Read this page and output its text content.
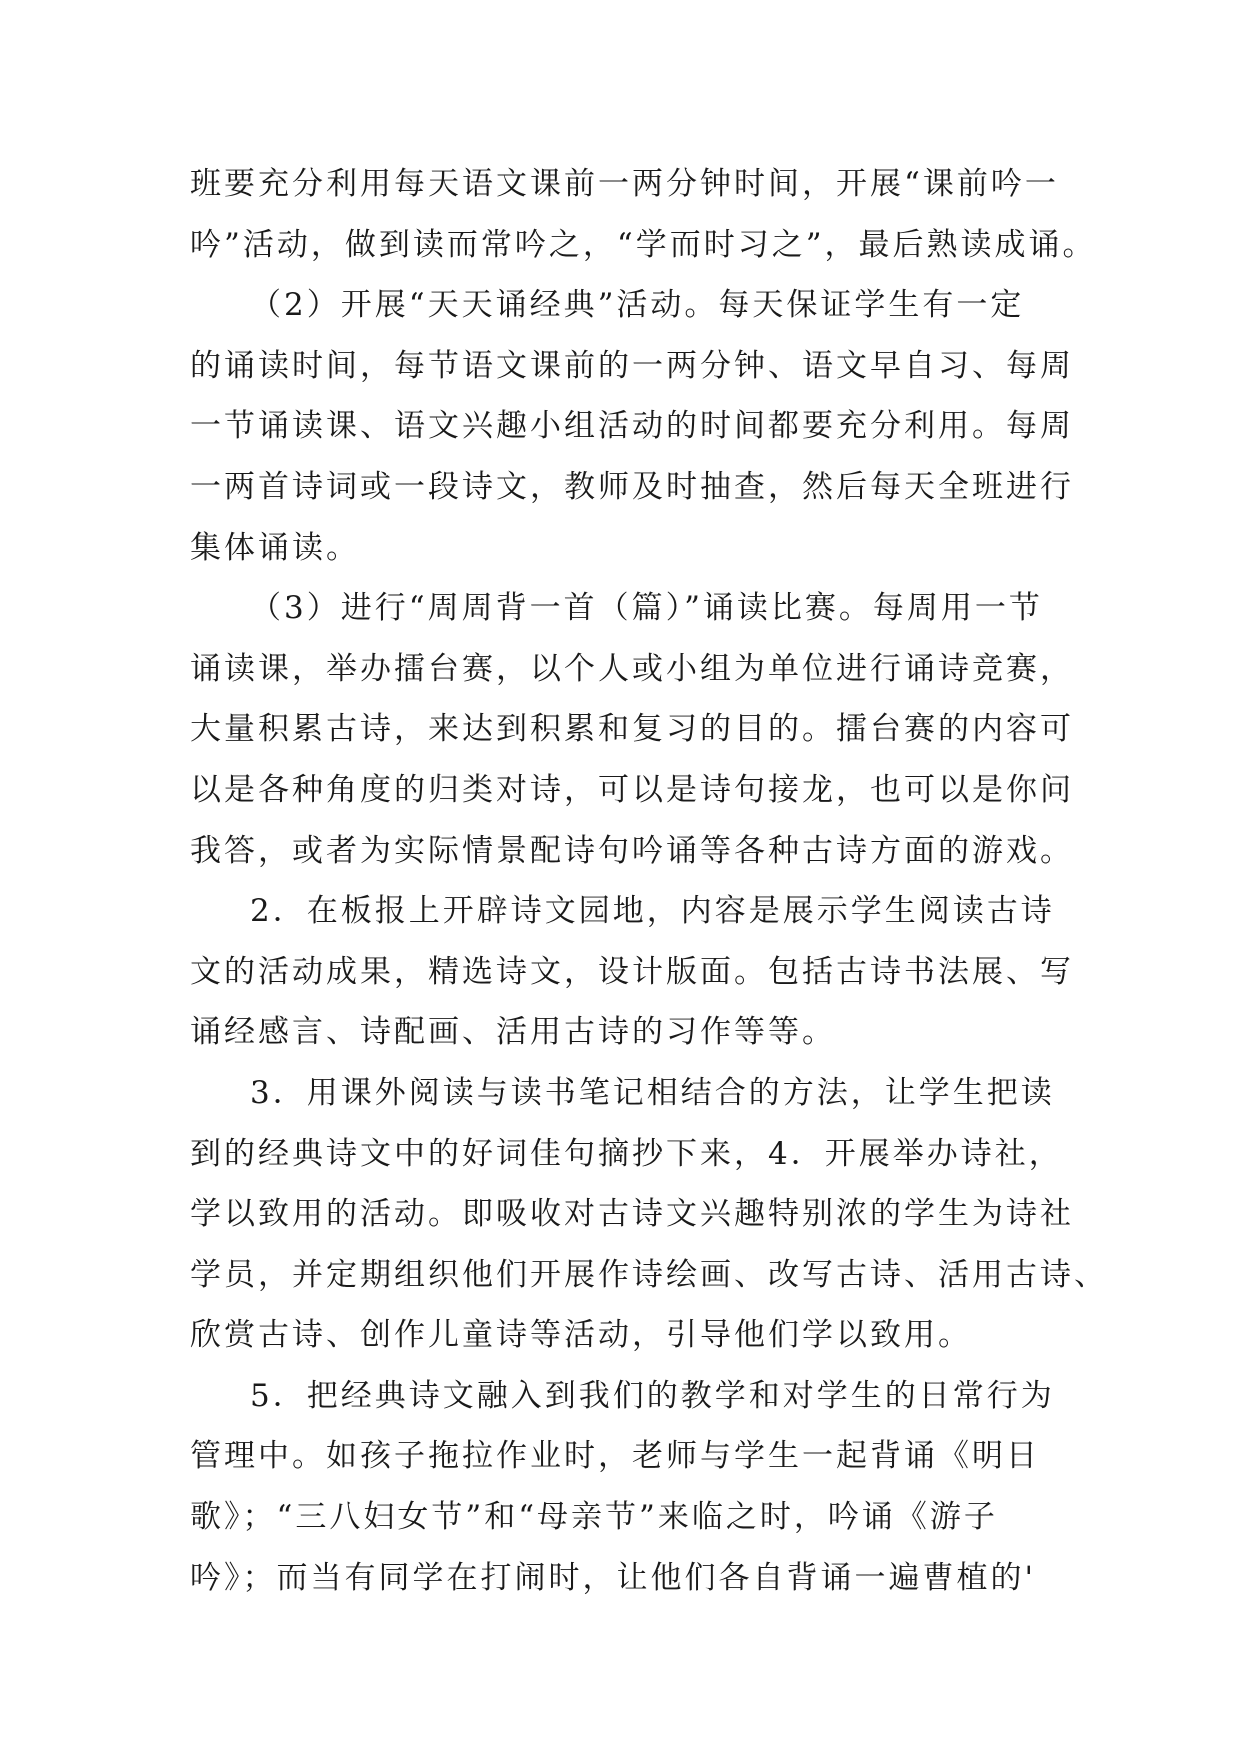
班要充分利用每天语文课前一两分钟时间，开展“课前吟一
吟”活动，做到读而常吟之，“学而时习之”，最后熟读成诵。
（2）开展“天天诵经典”活动。每天保证学生有一定
的诵读时间，每节语文课前的一两分钟、语文早自习、每周
一节诵读课、语文兴趣小组活动的时间都要充分利用。每周
一两首诗词或一段诗文，教师及时抽查，然后每天全班进行
集体诵读。
（3）进行“周周背一首（篇）”诵读比赛。每周用一节
诵读课，举办擂台赛，以个人或小组为单位进行诵诗竞赛，
大量积累古诗，来达到积累和复习的目的。擂台赛的内容可
以是各种角度的归类对诗，可以是诗句接龙，也可以是你问
我答，或者为实际情景配诗句吟诵等各种古诗方面的游戏。
2．在板报上开辟诗文园地，内容是展示学生阅读古诗
文的活动成果，精选诗文，设计版面。包括古诗书法展、写
诵经感言、诗配画、活用古诗的习作等等。
3．用课外阅读与读书笔记相结合的方法，让学生把读
到的经典诗文中的好词佳句摘抄下来，4．开展举办诗社，
学以致用的活动。即吸收对古诗文兴趣特别浓的学生为诗社
学员，并定期组织他们开展作诗绘画、改写古诗、活用古诗、
欣赏古诗、创作儿童诗等活动，引导他们学以致用。
5．把经典诗文融入到我们的教学和对学生的日常行为
管理中。如孩子拖拉作业时，老师与学生一起背诵《明日
歌》；“三八妇女节”和“母亲节”来临之时，吟诵《游子
吟》；而当有同学在打闹时，让他们各自背诵一遍曹植的'
